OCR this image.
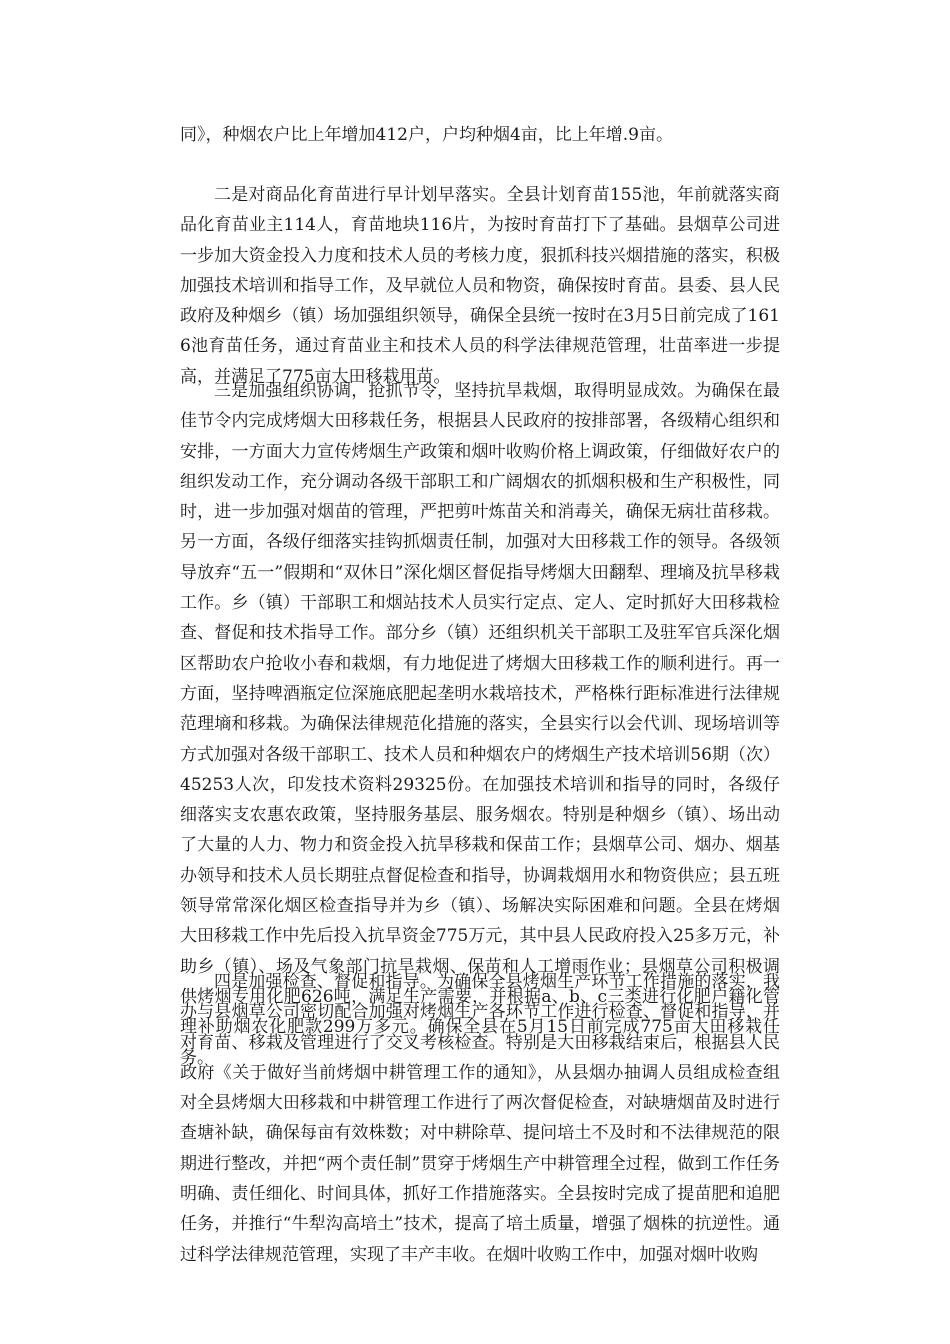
同》，种烟农户比上年增加412户，户均种烟4亩，比上年增.9亩。

二是对商品化育苗进行早计划早落实。全县计划育苗155池，年前就落实商品化育苗业主114人，育苗地块116片，为按时育苗打下了基础。县烟草公司进一步加大资金投入力度和技术人员的考核力度，狠抓科技兴烟措施的落实，积极加强技术培训和指导工作，及早就位人员和物资，确保按时育苗。县委、县人民政府及种烟乡（镇）场加强组织领导，确保全县统一按时在3月5日前完成了1616池育苗任务，通过育苗业主和技术人员的科学法律规范管理，壮苗率进一步提高，并满足了775亩大田移栽用苗。

三是加强组织协调，抢抓节令，坚持抗旱栽烟，取得明显成效。为确保在最佳节令内完成烤烟大田移栽任务，根据县人民政府的按排部署，各级精心组织和安排，一方面大力宣传烤烟生产政策和烟叶收购价格上调政策，仔细做好农户的组织发动工作，充分调动各级干部职工和广阔烟农的抓烟积极和生产积极性，同时，进一步加强对烟苗的管理，严把剪叶炼苗关和消毒关，确保无病壮苗移栽。另一方面，各级仔细落实挂钩抓烟责任制，加强对大田移栽工作的领导。各级领导放弃“五一”假期和“双休日”深化烟区督促指导烤烟大田翻犁、理墒及抗旱移栽工作。乡（镇）干部职工和烟站技术人员实行定点、定人、定时抓好大田移栽检查、督促和技术指导工作。部分乡（镇）还组织机关干部职工及驻军官兵深化烟区帮助农户抢收小春和栽烟，有力地促进了烤烟大田移栽工作的顺利进行。再一方面，坚持啤酒瓶定位深施底肥起垄明水栽培技术，严格株行距标准进行法律规范理墒和移栽。为确保法律规范化措施的落实，全县实行以会代训、现场培训等方式加强对各级干部职工、技术人员和种烟农户的烤烟生产技术培训56期（次）45253人次，印发技术资料29325份。在加强技术培训和指导的同时，各级仔细落实支农惠农政策，坚持服务基层、服务烟农。特别是种烟乡（镇）、场出动了大量的人力、物力和资金投入抗旱移栽和保苗工作；县烟草公司、烟办、烟基办领导和技术人员长期驻点督促检查和指导，协调栽烟用水和物资供应；县五班领导常常深化烟区检查指导并为乡（镇）、场解决实际困难和问题。全县在烤烟大田移栽工作中先后投入抗旱资金775万元，其中县人民政府投入25多万元，补助乡（镇）、场及气象部门抗旱栽烟、保苗和人工增雨作业；县烟草公司积极调供烤烟专用化肥626吨，满足生产需要，并根据a、b、c三类进行化肥户籍化管理补助烟农化肥款299万多元。确保全县在5月15日前完成775亩大田移栽任务。

四是加强检查、督促和指导。为确保全县烤烟生产环节工作措施的落实，我办与县烟草公司密切配合加强对烤烟生产各环节工作进行检查、督促和指导，并对育苗、移栽及管理进行了交叉考核检查。特别是大田移栽结束后，根据县人民政府《关于做好当前烤烟中耕管理工作的通知》，从县烟办抽调人员组成检查组对全县烤烟大田移栽和中耕管理工作进行了两次督促检查，对缺塘烟苗及时进行查塘补缺，确保每亩有效株数；对中耕除草、提问培土不及时和不法律规范的限期进行整改，并把“两个责任制”贯穿于烤烟生产中耕管理全过程，做到工作任务明确、责任细化、时间具体，抓好工作措施落实。全县按时完成了提苗肥和追肥任务，并推行“牛犁沟高培土”技术，提高了培土质量，增强了烟株的抗逆性。通过科学法律规范管理，实现了丰产丰收。在烟叶收购工作中，加强对烟叶收购
